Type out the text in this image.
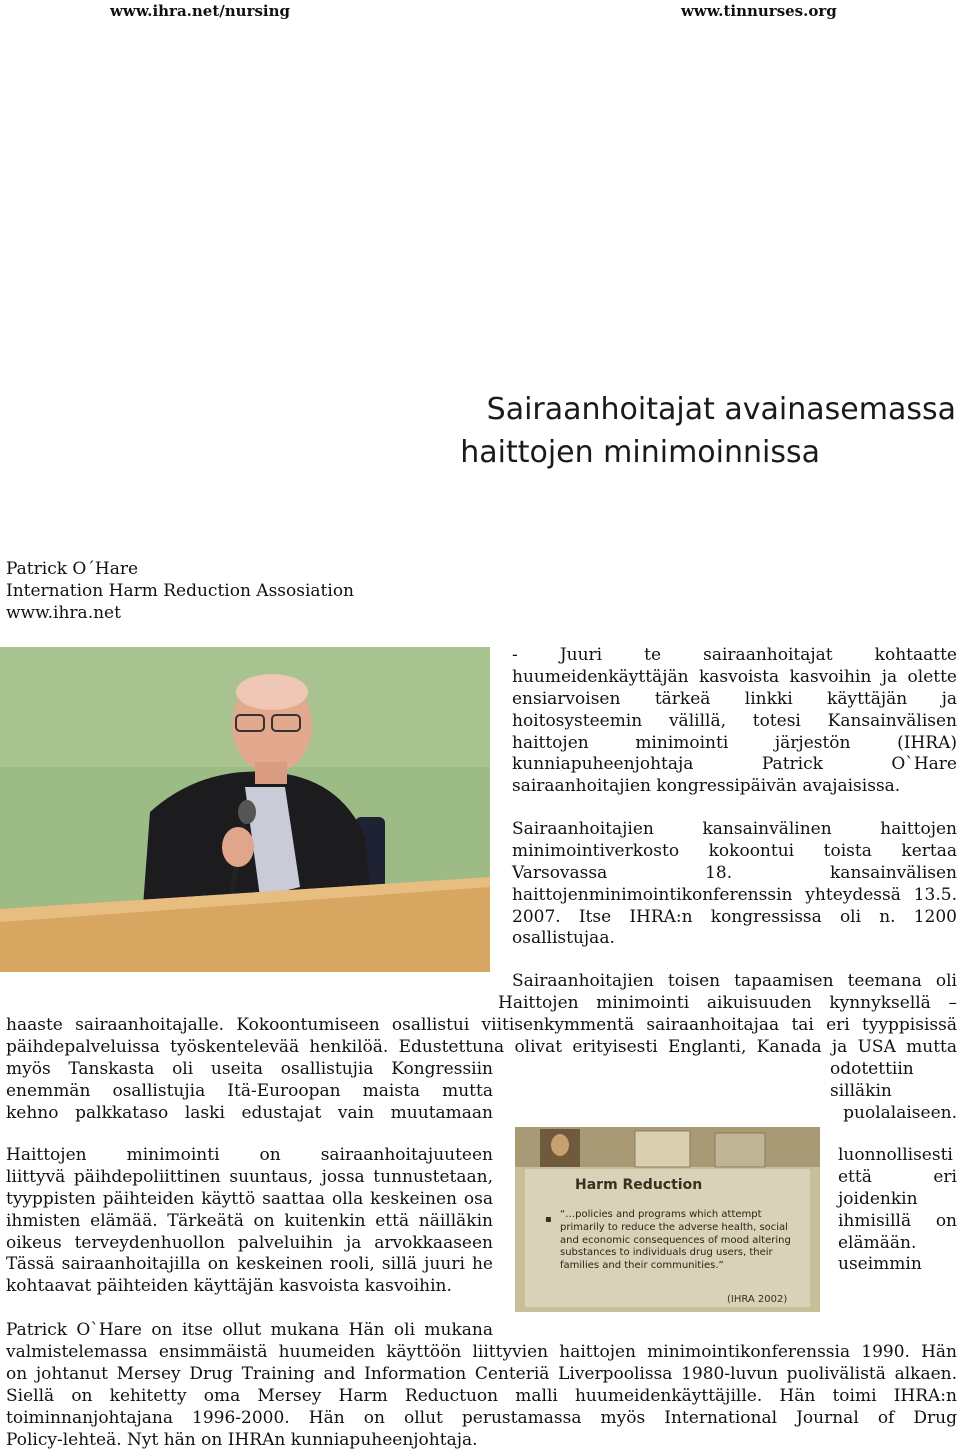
www.ihra.net/nursing	www.tinnurses.org
Sairaanhoitajat avainasemassa
haittojen minimoinnissa
Patrick O´Hare
Internation Harm Reduction Assosiation
www.ihra.net
- Juuri te sairaanhoitajat kohtaatte
huumeidenkäyttäjän kasvoista kasvoihin ja olette
ensiarvoisen tärkeä linkki käyttäjän ja
hoitosysteemin välillä, totesi Kansainvälisen
haittojen minimointi järjestön (IHRA)
kunniapuheenjohtaja Patrick O`Hare
sairaanhoitajien kongressipäivän avajaisissa.
Sairaanhoitajien kansainvälinen haittojen
minimointiverkosto kokoontui toista kertaa
Varsovassa 18. kansainvälisen
haittojenminimointikonferenssin yhteydessä 13.5.
2007. Itse IHRA:n kongressissa oli n. 1200
osallistujaa.
Sairaanhoitajien toisen tapaamisen teemana oli
Haittojen minimointi aikuisuuden kynnyksellä –
haaste sairaanhoitajalle. Kokoontumiseen osallistui viitisenkymmentä sairaanhoitajaa tai eri tyyppisissä
päihdepalveluissa työskentelevää henkilöä. Edustettuna olivat erityisesti Englanti, Kanada ja USA mutta
myös Tanskasta oli useita osallistujia Kongressiin
enemmän osallistujia Itä-Euroopan maista mutta
kehno palkkataso laski edustajat vain muutamaan
odotettiin
silläkin
puolalaiseen.
Haittojen minimointi on sairaanhoitajuuteen
liittyvä päihdepoliittinen suuntaus, jossa tunnustetaan,
tyyppisten päihteiden käyttö saattaa olla keskeinen osa
ihmisten elämää. Tärkeätä on kuitenkin että näilläkin
oikeus terveydenhuollon palveluihin ja arvokkaaseen
Tässä sairaanhoitajilla on keskeinen rooli, sillä juuri he
kohtaavat päihteiden käyttäjän kasvoista kasvoihin.
luonnollisesti
että eri
joidenkin
ihmisillä on
elämään.
useimmin
Harm Reduction
▪ “…policies and programs which attempt primarily to reduce the adverse health, social and economic consequences of mood altering substances to individuals drug users, their families and their communities.”
(IHRA 2002)
Patrick O`Hare on itse ollut mukana Hän oli mukana
valmistelemassa ensimmäistä huumeiden käyttöön liittyvien haittojen minimointikonferenssia 1990. Hän
on johtanut Mersey Drug Training and Information Centeriä Liverpoolissa 1980-luvun puolivälistä alkaen.
Siellä on kehitetty oma Mersey Harm Reductuon malli huumeidenkäyttäjille. Hän toimi IHRA:n
toiminnanjohtajana 1996-2000. Hän on ollut perustamassa myös International Journal of Drug
Policy-lehteä. Nyt hän on IHRAn kunniapuheenjohtaja.
